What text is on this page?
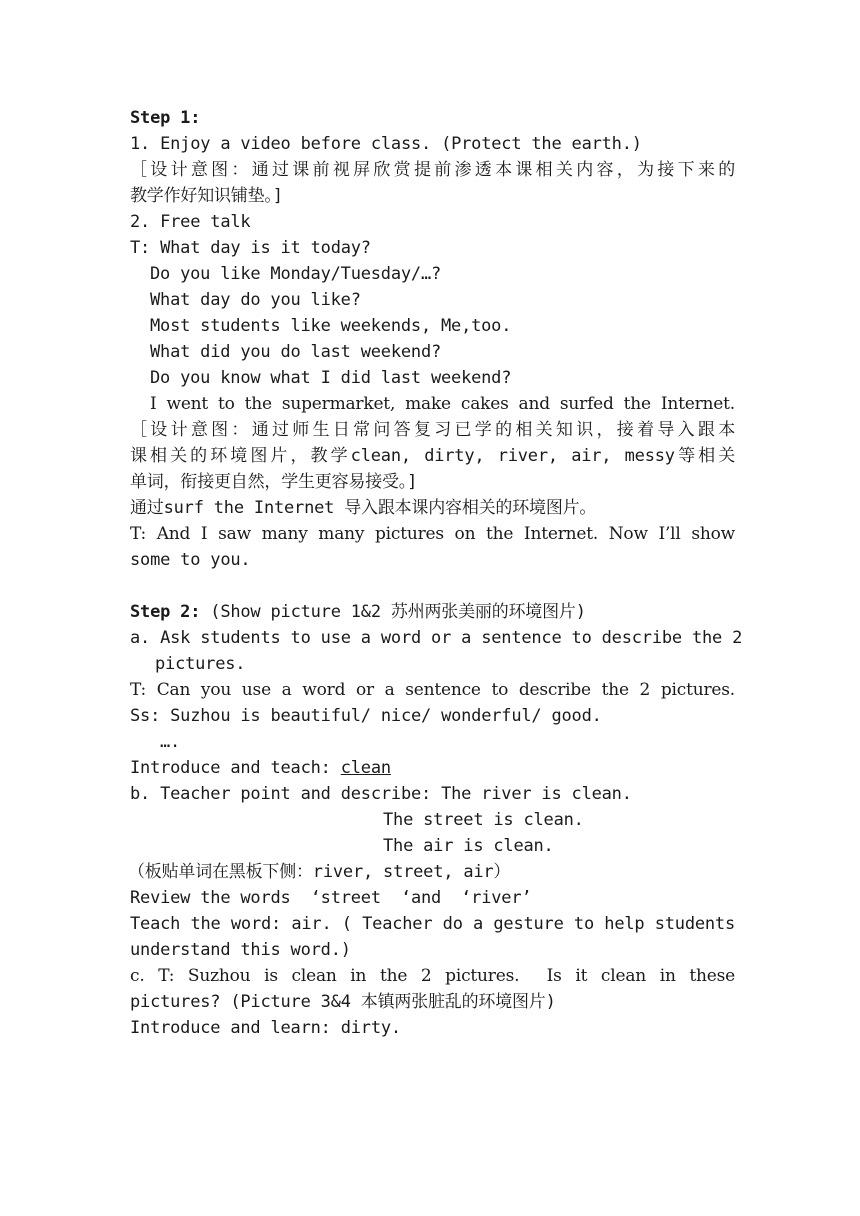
Step 1:
1. Enjoy a video before class. (Protect the earth.)
［设计意图：通过课前视屏欣赏提前渗透本课相关内容，为接下来的
教学作好知识铺垫。]
2. Free talk
T: What day is it today?
Do you like Monday/Tuesday/…?
What day do you like?
Most students like weekends, Me,too.
What did you do last weekend?
Do you know what I did last weekend?
I went to the supermarket, make cakes and surfed the Internet.
［设计意图：通过师生日常问答复习已学的相关知识，接着导入跟本
课相关的环境图片，教学clean, dirty, river, air, messy等相关
单词，衔接更自然，学生更容易接受。]
通过surf the Internet 导入跟本课内容相关的环境图片。
T: And I saw many many pictures on the Internet. Now I’ll show
some to you.
Step 2: (Show picture 1&2 苏州两张美丽的环境图片)
a. Ask students to use a word or a sentence to describe the 2
pictures.
T: Can you use a word or a sentence to describe the 2 pictures.
Ss: Suzhou is beautiful/ nice/ wonderful/ good.
….
Introduce and teach: clean
b. Teacher point and describe: The river is clean.
The street is clean.
The air is clean.
（板贴单词在黑板下侧：river, street, air）
Review the words  ‘street  ‘and  ‘river’
Teach the word: air. ( Teacher do a gesture to help students
understand this word.)
c. T: Suzhou is clean in the 2 pictures.  Is it clean in these
pictures? (Picture 3&4 本镇两张脏乱的环境图片)
Introduce and learn: dirty.
